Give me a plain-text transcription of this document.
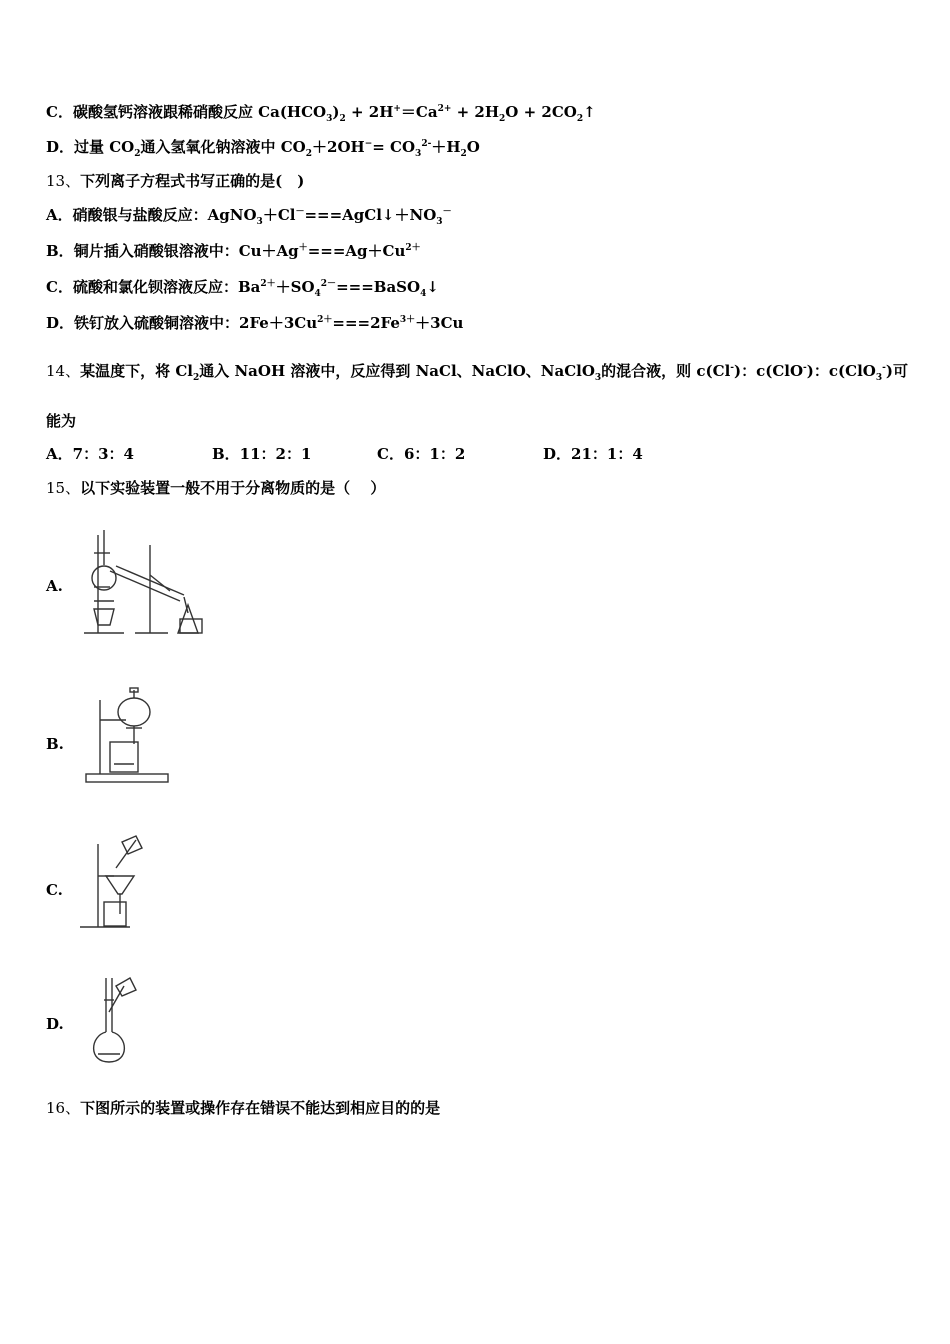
C．碳酸氢钙溶液跟稀硝酸反应 $Ca(HCO_3)_2 + 2H^+=Ca^{2+} + 2H_2O$ + $2CO_2↑$
D．过量 $CO_2$通入氢氧化钠溶液中 $CO_2+2OH^-= CO_3^{2-}+H_2O$
13、下列离子方程式书写正确的是(　)
A．硝酸银与盐酸反应：$AgNO_3+Cl^-===AgCl↓+NO_3^-$
B．铜片插入硝酸银溶液中：$Cu+Ag^+===Ag+Cu^{2+}$
C．硫酸和氯化钡溶液反应：$Ba^{2+}+SO_4^{2-}===BaSO_4↓$
D．铁钉放入硫酸铜溶液中：$2Fe+3Cu^{2+}===2Fe^{3+}+3Cu$
14、某温度下，将 $Cl_2$通入 NaOH 溶液中，反应得到 NaCl、NaClO、NaClO$_3$的混合液，则 c(Cl-)：c(ClO-)：c(ClO$_3$-)可
能为
A．7：3：4	B．11：2：1	C．6：1：2	D．21：1：4
15、以下实验装置一般不用于分离物质的是（　 ）
A.
B.
C.
D.
16、下图所示的装置或操作存在错误不能达到相应目的的是
